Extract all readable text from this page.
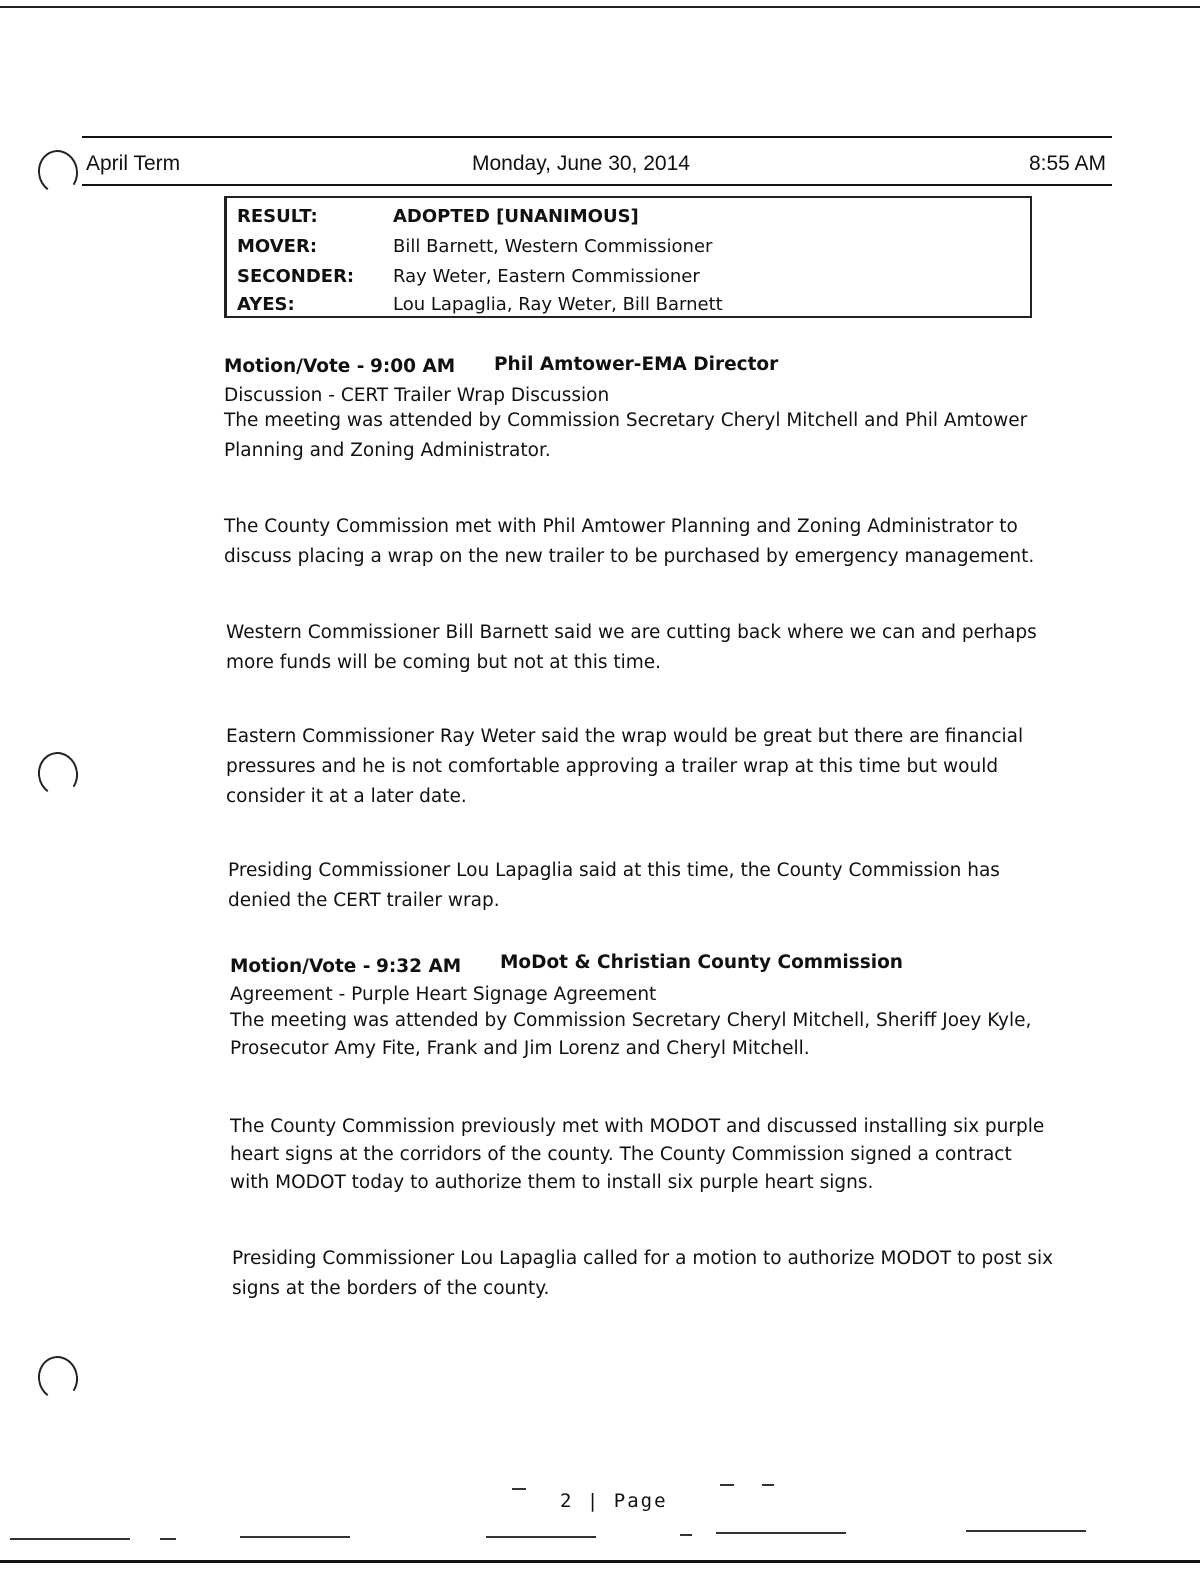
April Term	Monday, June 30, 2014	8:55 AM
RESULT:	ADOPTED [UNANIMOUS]
MOVER:	Bill Barnett, Western Commissioner
SECONDER:	Ray Weter, Eastern Commissioner
AYES:	Lou Lapaglia, Ray Weter, Bill Barnett
Motion/Vote - 9:00 AM Phil Amtower-EMA Director
Discussion - CERT Trailer Wrap Discussion
The meeting was attended by Commission Secretary Cheryl Mitchell and Phil Amtower
Planning and Zoning Administrator.
The County Commission met with Phil Amtower Planning and Zoning Administrator to
discuss placing a wrap on the new trailer to be purchased by emergency management.
Western Commissioner Bill Barnett said we are cutting back where we can and perhaps
more funds will be coming but not at this time.
Eastern Commissioner Ray Weter said the wrap would be great but there are financial
pressures and he is not comfortable approving a trailer wrap at this time but would
consider it at a later date.
Presiding Commissioner Lou Lapaglia said at this time, the County Commission has
denied the CERT trailer wrap.
Motion/Vote - 9:32 AM MoDot & Christian County Commission
Agreement - Purple Heart Signage Agreement
The meeting was attended by Commission Secretary Cheryl Mitchell, Sheriff Joey Kyle,
Prosecutor Amy Fite, Frank and Jim Lorenz and Cheryl Mitchell.
The County Commission previously met with MODOT and discussed installing six purple
heart signs at the corridors of the county. The County Commission signed a contract
with MODOT today to authorize them to install six purple heart signs.
Presiding Commissioner Lou Lapaglia called for a motion to authorize MODOT to post six
signs at the borders of the county.
2 | Page
